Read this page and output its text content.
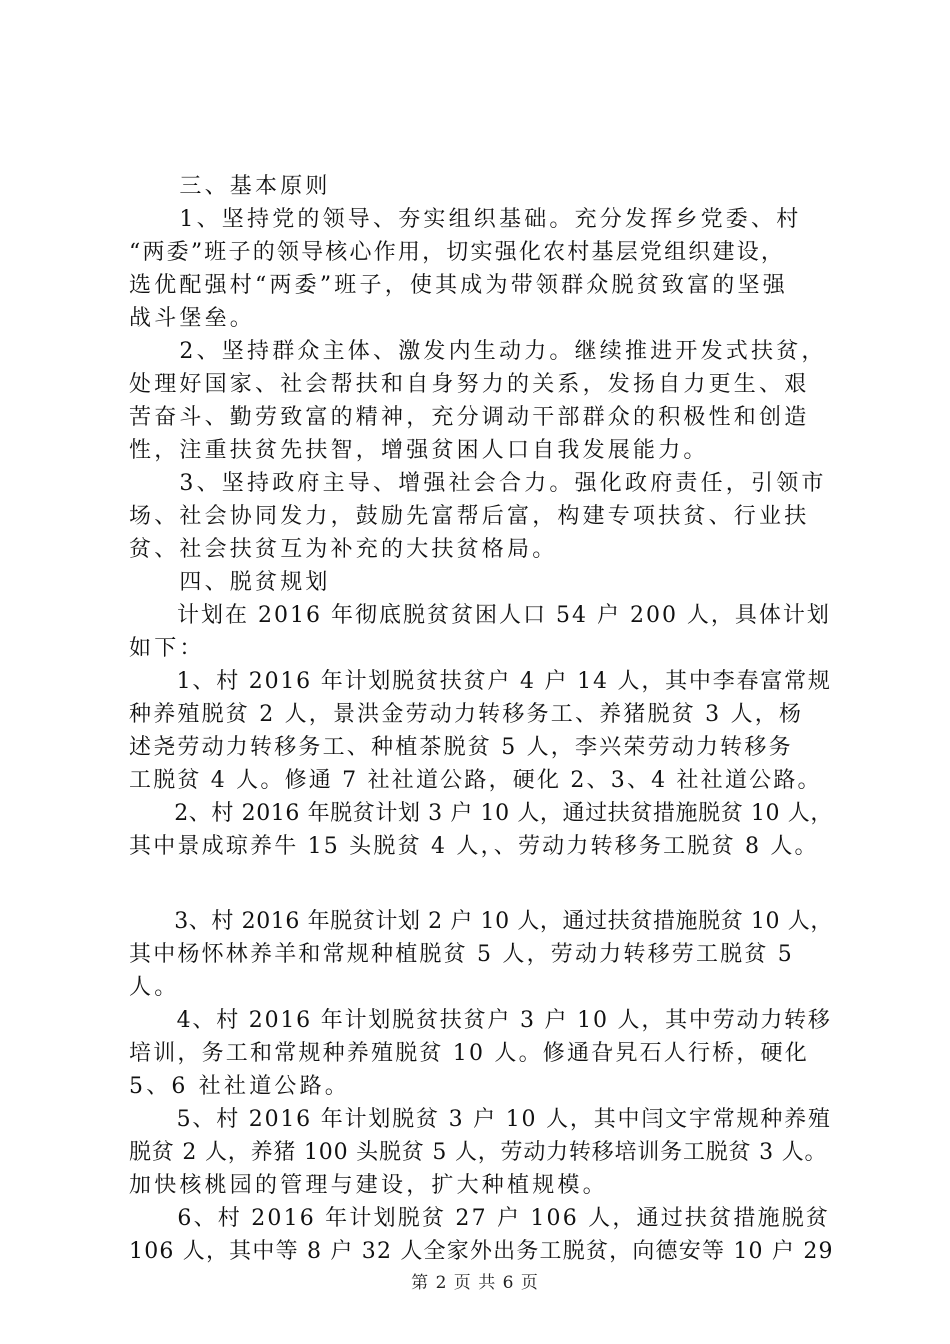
　　三、基本原则
　　1、坚持党的领导、夯实组织基础。充分发挥乡党委、村
“两委”班子的领导核心作用，切实强化农村基层党组织建设，
选优配强村“两委”班子，使其成为带领群众脱贫致富的坚强
战斗堡垒。
　　2、坚持群众主体、激发内生动力。继续推进开发式扶贫，
处理好国家、社会帮扶和自身努力的关系，发扬自力更生、艰
苦奋斗、勤劳致富的精神，充分调动干部群众的积极性和创造
性，注重扶贫先扶智，增强贫困人口自我发展能力。
　　3、坚持政府主导、增强社会合力。强化政府责任，引领市
场、社会协同发力，鼓励先富帮后富，构建专项扶贫、行业扶
贫、社会扶贫互为补充的大扶贫格局。
　　四、脱贫规划
　　计划在 2016 年彻底脱贫贫困人口 54 户 200 人，具体计划
如下：
　　1、村 2016 年计划脱贫扶贫户 4 户 14 人，其中李春富常规
种养殖脱贫 2 人，景洪金劳动力转移务工、养猪脱贫 3 人，杨
述尧劳动力转移务工、种植茶脱贫 5 人，李兴荣劳动力转移务
工脱贫 4 人。修通 7 社社道公路，硬化 2、3、4 社社道公路。
　　2、村 2016 年脱贫计划 3 户 10 人，通过扶贫措施脱贫 10 人，
其中景成琼养牛 15 头脱贫 4 人，、劳动力转移务工脱贫 8 人。
　　3、村 2016 年脱贫计划 2 户 10 人，通过扶贫措施脱贫 10 人，
其中杨怀林养羊和常规种植脱贫 5 人，劳动力转移劳工脱贫 5
人。
　　4、村 2016 年计划脱贫扶贫户 3 户 10 人，其中劳动力转移
培训，务工和常规种养殖脱贫 10 人。修通旮旯石人行桥，硬化
5、6 社社道公路。
　　5、村 2016 年计划脱贫 3 户 10 人，其中闫文宇常规种养殖
脱贫 2 人，养猪 100 头脱贫 5 人，劳动力转移培训务工脱贫 3 人。
加快核桃园的管理与建设，扩大种植规模。
　　6、村 2016 年计划脱贫 27 户 106 人，通过扶贫措施脱贫
106 人，其中等 8 户 32 人全家外出务工脱贫，向德安等 10 户 29
第 2 页 共 6 页
